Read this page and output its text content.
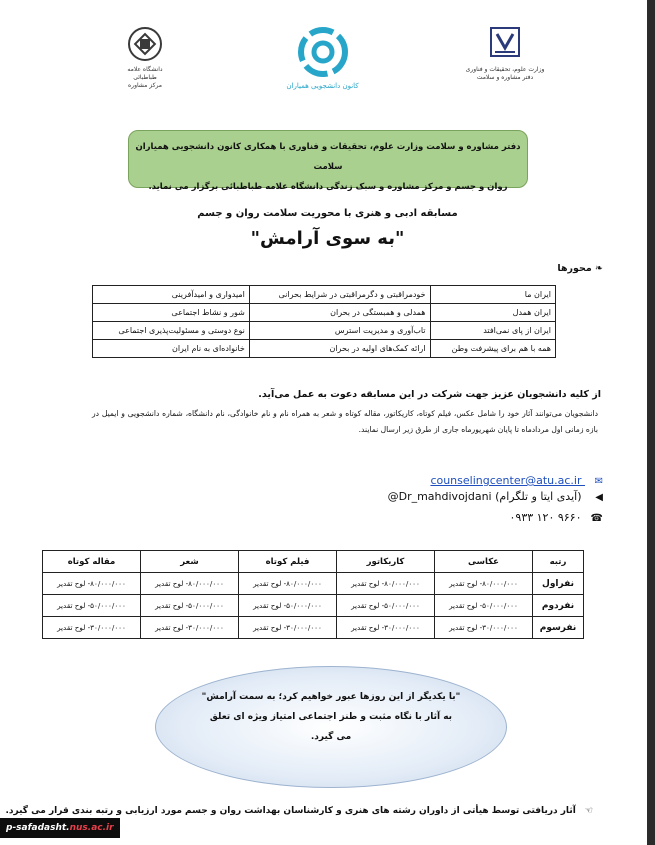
دانشگاه علامه
طباطبائی
مرکز مشاوره	کانون دانشجویی همیاران
وزارت علوم، تحقیقات و فناوری
دفتر مشاوره و سلامت
دفتر مشاوره و سلامت وزارت علوم، تحقیقات و فناوری با همکاری کانون دانشجویی همیاران سلامت
روان و جسم و مرکز مشاوره و سبک زندگی دانشگاه علامه طباطبائی برگزار می نماید.
مسابقه ادبی و هنری با محوریت سلامت روان و جسم
"به سوی آرامش"
❧ محورها
ایران ما	خودمراقبتی و دگرمراقبتی در شرایط بحرانی	امیدواری و امیدآفرینی
ایران همدل	همدلی و همبستگی در بحران	شور و نشاط اجتماعی
ایران از پای نمی‌افتد	تاب‌آوری و مدیریت استرس	نوع دوستی و مسئولیت‌پذیری اجتماعی
همه با هم برای پیشرفت وطن	ارائه کمک‌های اولیه در بحران	خانواده‌ای به نام ایران
از کلیه دانشجویان عزیز جهت شرکت در این مسابقه دعوت به عمل می‌آید.
دانشجویان می‌توانند آثار خود را شامل عکس، فیلم کوتاه، کاریکاتور، مقاله کوتاه و شعر به همراه نام و نام خانوادگی، نام دانشگاه، شماره دانشجویی و ایمیل در بازه زمانی اول مردادماه تا پایان شهریورماه جاری از طرق زیر ارسال نمایند.
✉ counselingcenter@atu.ac.ir
◀ @Dr_mahdivojdani (آیدی ایتا و تلگرام)
☎ ۰۹۳۳ ۱۲۰ ۹۶۶۰
رتبه	عکاسی	کاریکاتور	فیلم کوتاه	شعر	مقاله کوتاه
نفراول	۸۰/۰۰۰/۰۰۰- لوح تقدیر	۸۰/۰۰۰/۰۰۰- لوح تقدیر	۸۰/۰۰۰/۰۰۰- لوح تقدیر	۸۰/۰۰۰/۰۰۰- لوح تقدیر	۸۰/۰۰۰/۰۰۰- لوح تقدیر
نفردوم	۵۰/۰۰۰/۰۰۰- لوح تقدیر	۵۰/۰۰۰/۰۰۰- لوح تقدیر	۵۰/۰۰۰/۰۰۰- لوح تقدیر	۵۰/۰۰۰/۰۰۰- لوح تقدیر	۵۰/۰۰۰/۰۰۰- لوح تقدیر
نفرسوم	۳۰/۰۰۰/۰۰۰- لوح تقدیر	۳۰/۰۰۰/۰۰۰- لوح تقدیر	۳۰/۰۰۰/۰۰۰- لوح تقدیر	۳۰/۰۰۰/۰۰۰- لوح تقدیر	۳۰/۰۰۰/۰۰۰- لوح تقدیر

"با یکدیگر از این روزها عبور خواهیم کرد؛ به سمت آرامش"

به آثار با نگاه مثبت و طنز اجتماعی امتیاز ویژه ای تعلق

می گیرد.

☜ آثار دریافتی توسط هیأتی از داوران رشته های هنری و کارشناسان بهداشت روان و جسم مورد ارزیابی و رتبه بندی قرار می گیرد.
p-safadasht.nus.ac.ir
